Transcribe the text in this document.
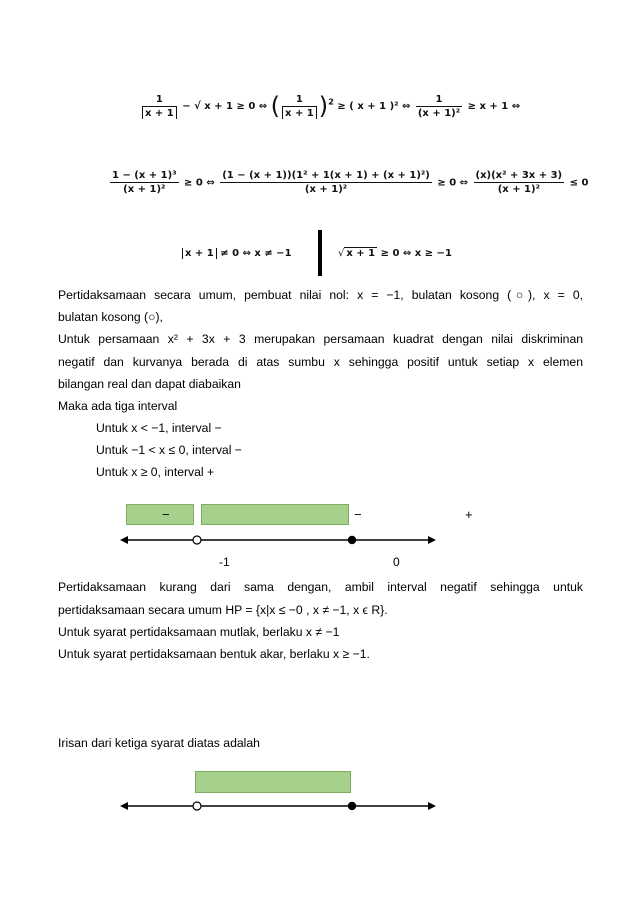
$\frac{1}{x + 1}$ − √ x + 1 ≥ 0 ⇔ ( $\frac{1}{x + 1} )^2$ ≥ ( x + 1 )² ⇔ $\frac{1}{\text{(x + 1)²}} \ge x + 1$ ⇔
$\frac{\text{1 − (x + 1)³}}{\text{(x + 1)²}} \ge 0$ ⇔ $\frac{\text{(1 − (x + 1))(1² + 1(x + 1) + (x + 1)²)}}{\text{(x + 1)²}} \ge 0$ ⇔ $\frac{\text{(x)(x² + 3x + 3)}}{\text{(x + 1)²}} \le 0$
x + 1 ≠ 0 ⇔ x ≠ −1	√ x + 1 ≥ 0 ⇔ x ≥ −1
Pertidaksamaan secara umum, pembuat nilai nol: x = −1, bulatan kosong (○), x = 0,
bulatan kosong (○),
Untuk persamaan x² + 3x + 3 merupakan persamaan kuadrat dengan nilai diskriminan
negatif dan kurvanya berada di atas sumbu x sehingga positif untuk setiap x elemen
bilangan real dan dapat diabaikan
Maka ada tiga interval
Untuk x < −1, interval −
Untuk −1 < x ≤ 0, interval −
Untuk x ≥ 0, interval +
−	−	+
-1	0
Pertidaksamaan kurang dari sama dengan, ambil interval negatif sehingga untuk
pertidaksamaan secara umum HP = {x|x ≤ −0 , x ≠ −1, x ϵ R}.
Untuk syarat pertidaksamaan mutlak, berlaku x ≠ −1
Untuk syarat pertidaksamaan bentuk akar, berlaku x ≥ −1.
Irisan dari ketiga syarat diatas adalah
